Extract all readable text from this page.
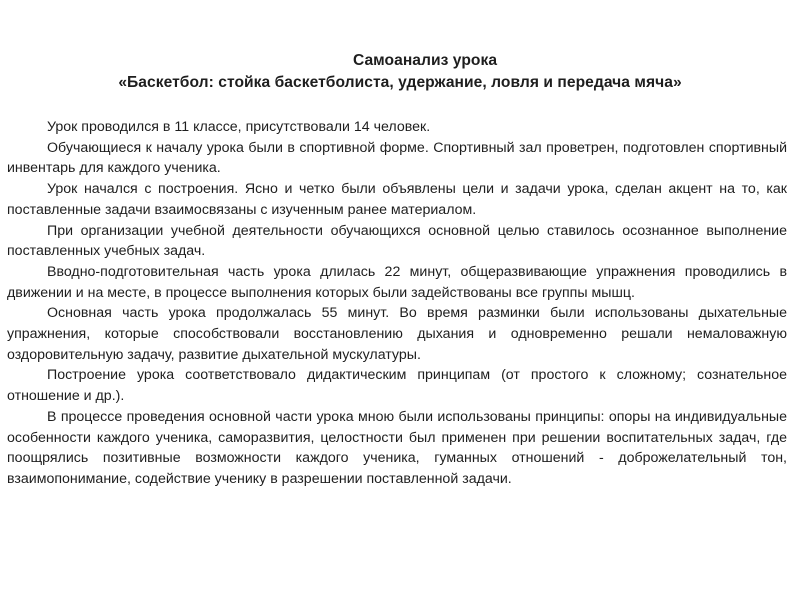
Самоанализ урока
«Баскетбол: стойка баскетболиста, удержание, ловля и передача мяча»

Урок проводился в 11 классе, присутствовали 14 человек.

Обучающиеся к началу урока были в спортивной форме. Спортивный зал проветрен, подготовлен спортивный инвентарь для каждого ученика.

Урок начался с построения. Ясно и четко были объявлены цели и задачи урока, сделан акцент на то, как поставленные задачи взаимосвязаны с изученным ранее материалом.

При организации учебной деятельности обучающихся основной целью ставилось осознанное выполнение поставленных учебных задач.

Вводно-подготовительная часть урока длилась 22 минут, общеразвивающие упражнения проводились в движении и на месте, в процессе выполнения которых были задействованы все группы мышц.

Основная часть урока продолжалась 55 минут. Во время разминки были использованы дыхательные упражнения, которые способствовали восстановлению дыхания и одновременно решали немаловажную оздоровительную задачу, развитие дыхательной мускулатуры.

Построение урока соответствовало дидактическим принципам (от простого к сложному; сознательное отношение и др.).

В процессе проведения основной части урока мною были использованы принципы: опоры на индивидуальные особенности каждого ученика, саморазвития, целостности был применен при решении воспитательных задач, где поощрялись позитивные возможности каждого ученика, гуманных отношений - доброжелательный тон, взаимопонимание, содействие ученику в разрешении поставленной задачи.
